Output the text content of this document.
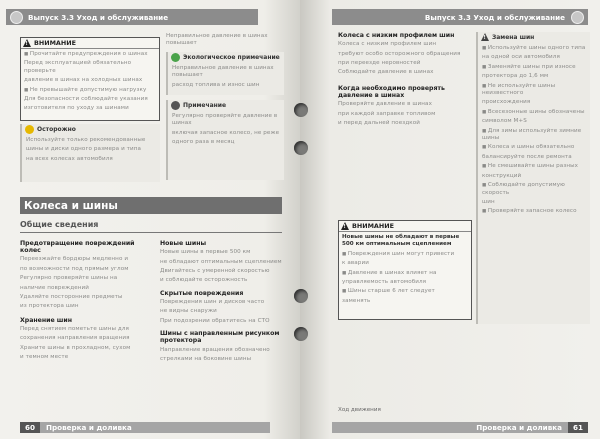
Выпуск 3.3 Уход и обслуживание
!
ВНИМАНИЕ
■ Прочитайте предупреждения о шинах
Перед эксплуатацией обязательно проверьте
давление в шинах на холодных шинах
■ Не превышайте допустимую нагрузку
Для безопасности соблюдайте указания
изготовителя по уходу за шинами
Осторожно
Используйте только рекомендованные
шины и диски одного размера и типа
на всех колесах автомобиля
Неправильное давление в шинах повышает
Экологическое примечание
Неправильное давление в шинах повышает
расход топлива и износ шин
Примечание
Регулярно проверяйте давление в шинах
включая запасное колесо, не реже
одного раза в месяц
Колеса и шины
Общие сведения
Предотвращение повреждений колес
Переезжайте бордюры медленно и
по возможности под прямым углом
Регулярно проверяйте шины на
наличие повреждений
Удаляйте посторонние предметы
из протектора шин
Хранение шин
Перед снятием пометьте шины для
сохранения направления вращения
Храните шины в прохладном, сухом
и темном месте
Новые шины
Новые шины в первые 500 км
не обладают оптимальным сцеплением
Двигайтесь с умеренной скоростью
и соблюдайте осторожность
Скрытые повреждения
Повреждения шин и дисков часто
не видны снаружи
При подозрении обратитесь на СТО
Шины с направленным рисунком протектора
Направление вращения обозначено
стрелками на боковине шины
60	Проверка и доливка
Выпуск 3.3 Уход и обслуживание
Колеса с низким профилем шин
Колеса с низким профилем шин
требуют особо осторожного обращения
при переезде неровностей
Соблюдайте давление в шинах
Когда необходимо проверять давление в шинах
Проверяйте давление в шинах
при каждой заправке топливом
и перед дальней поездкой
!
ВНИМАНИЕ
Новые шины не обладают в первые 500 км оптимальным сцеплением
■ Повреждения шин могут привести
к аварии
■ Давление в шинах влияет на
управляемость автомобиля
■ Шины старше 6 лет следует
заменять
!
Замена шин
■ Используйте шины одного типа
на одной оси автомобиля
■ Заменяйте шины при износе
протектора до 1,6 мм
■ Не используйте шины неизвестного
происхождения
■ Всесезонные шины обозначены
символом M+S
■ Для зимы используйте зимние шины
■ Колеса и шины обязательно
балансируйте после ремонта
■ Не смешивайте шины разных
конструкций
■ Соблюдайте допустимую скорость
шин
■ Проверяйте запасное колесо
Проверка и доливка	61
Ход движения
